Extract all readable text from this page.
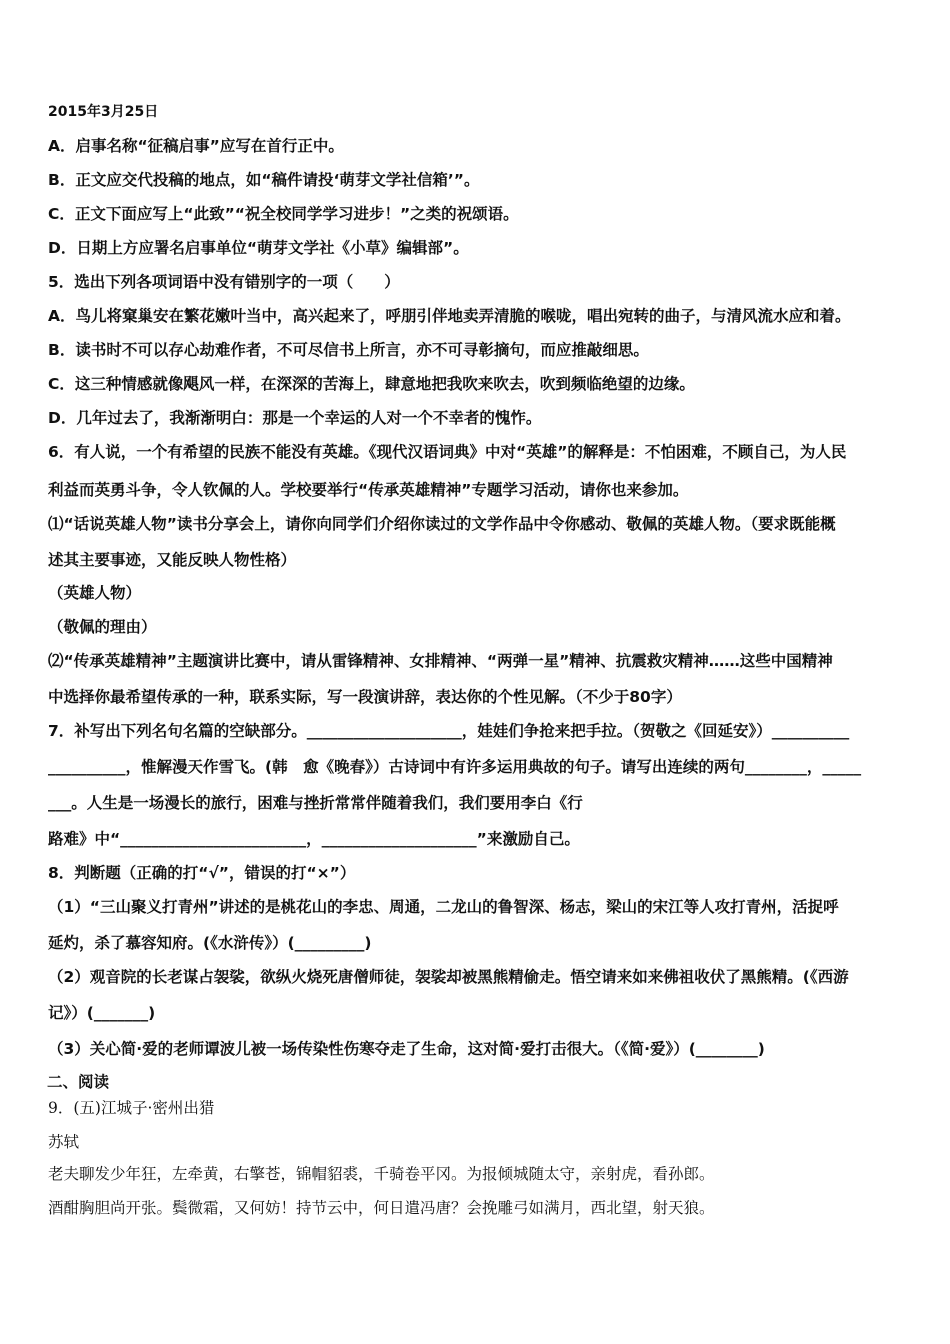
2015年3月25日
A．启事名称“征稿启事”应写在首行正中。
B．正文应交代投稿的地点，如“稿件请投‘萌芽文学社信箱’”。
C．正文下面应写上“此致”“祝全校同学学习进步！”之类的祝颂语。
D．日期上方应署名启事单位“萌芽文学社《小草》编辑部”。
5．选出下列各项词语中没有错别字的一项（　　）
A．鸟儿将窠巢安在繁花嫩叶当中，高兴起来了，呼朋引伴地卖弄清脆的喉咙，唱出宛转的曲子，与清风流水应和着。
B．读书时不可以存心劫难作者，不可尽信书上所言，亦不可寻彰摘句，而应推敲细思。
C．这三种情感就像飓风一样，在深深的苦海上，肆意地把我吹来吹去，吹到频临绝望的边缘。
D．几年过去了，我渐渐明白：那是一个幸运的人对一个不幸者的愧怍。
6．有人说，一个有希望的民族不能没有英雄。《现代汉语词典》中对“英雄”的解释是：不怕困难，不顾自己，为人民
利益而英勇斗争，令人钦佩的人。学校要举行“传承英雄精神”专题学习活动，请你也来参加。
⑴“话说英雄人物”读书分享会上，请你向同学们介绍你读过的文学作品中令你感动、敬佩的英雄人物。（要求既能概
述其主要事迹，又能反映人物性格）
（英雄人物）
（敬佩的理由）
⑵“传承英雄精神”主题演讲比赛中，请从雷锋精神、女排精神、“两弹一星”精神、抗震救灾精神……这些中国精神
中选择你最希望传承的一种，联系实际，写一段演讲辞，表达你的个性见解。（不少于80字）
7．补写出下列名句名篇的空缺部分。____________________，娃娃们争抢来把手拉。（贺敬之《回延安》）__________
__________，惟解漫天作雪飞。(韩　愈《晚春》）古诗词中有许多运用典故的句子。请写出连续的两句________，_____
___。人生是一场漫长的旅行，困难与挫折常常伴随着我们，我们要用李白《行
路难》中“________________________，____________________”来激励自己。
8．判断题（正确的打“√”，错误的打“×”）
（1）“三山聚义打青州”讲述的是桃花山的李忠、周通，二龙山的鲁智深、杨志，梁山的宋江等人攻打青州，活捉呼
延灼，杀了慕容知府。(《水浒传》）(_________)
（2）观音院的长老谋占袈裟，欲纵火烧死唐僧师徒，袈裟却被黑熊精偷走。悟空请来如来佛祖收伏了黑熊精。(《西游
记》）(_______)
（3）关心简·爱的老师谭波儿被一场传染性伤寒夺走了生命，这对简·爱打击很大。（《简·爱》）(________)
二、阅读
9．(五)江城子·密州出猎
苏轼
老夫聊发少年狂，左牵黄，右擎苍，锦帽貂裘，千骑卷平冈。为报倾城随太守，亲射虎，看孙郎。
酒酣胸胆尚开张。鬓微霜，又何妨！持节云中，何日遣冯唐？会挽雕弓如满月，西北望，射天狼。
